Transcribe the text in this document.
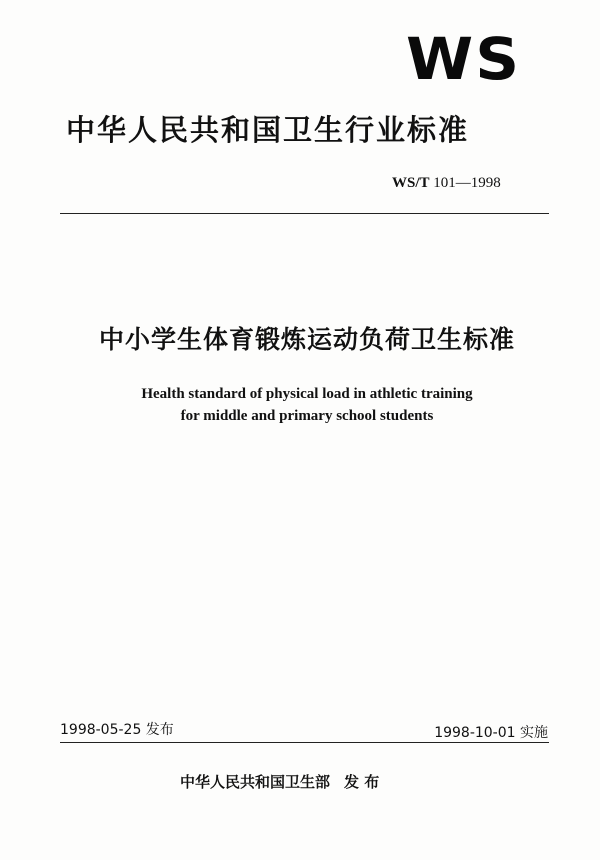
WS
中华人民共和国卫生行业标准
WS/T 101—1998
中小学生体育锻炼运动负荷卫生标准
Health standard of physical load in athletic training
for middle and primary school students
1998-05-25 发布	1998-10-01 实施
中华人民共和国卫生部 发 布
